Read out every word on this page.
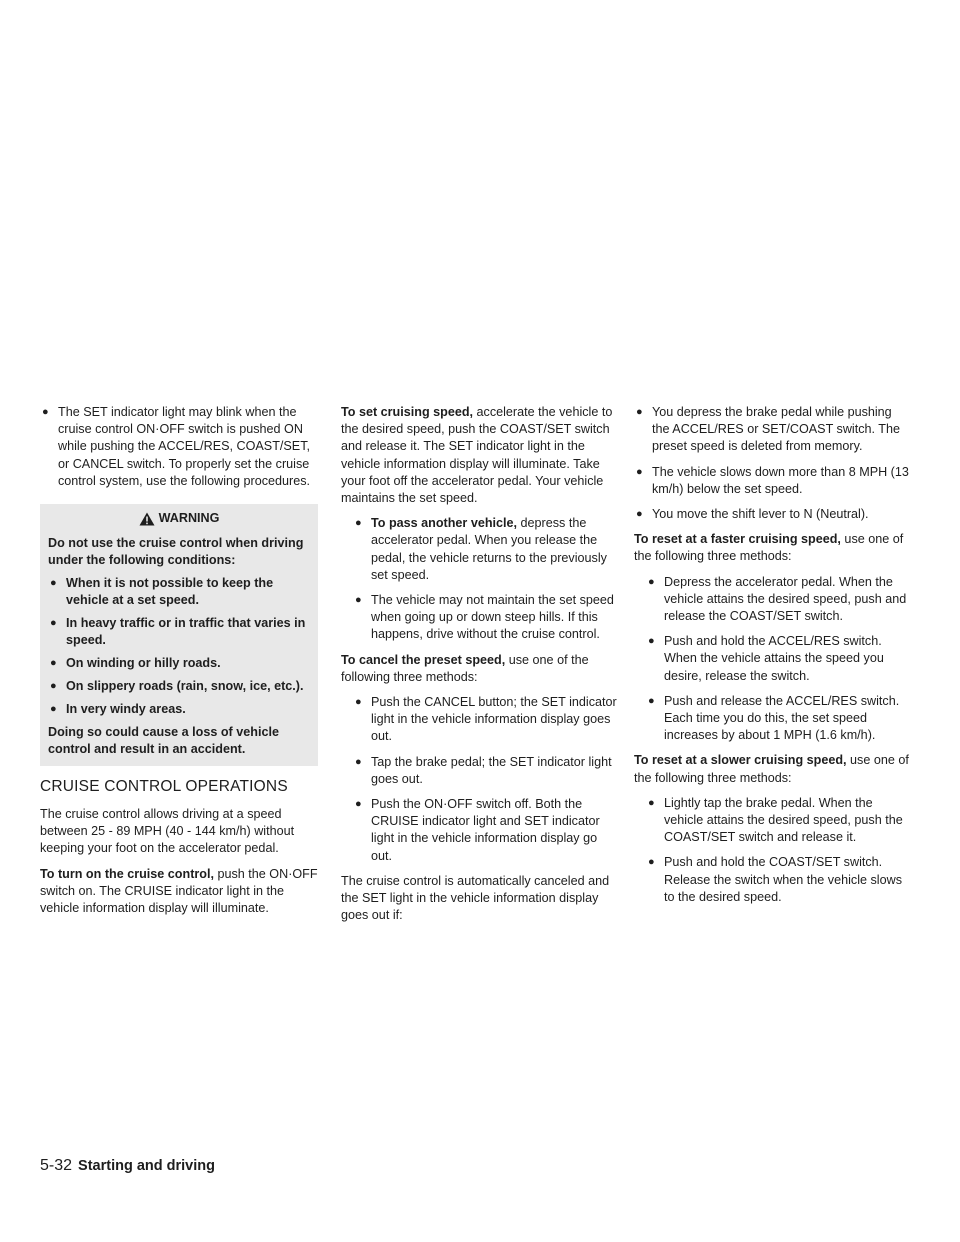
● The SET indicator light may blink when the cruise control ON·OFF switch is pushed ON while pushing the ACCEL/RES, COAST/SET, or CANCEL switch. To properly set the cruise control system, use the following procedures.
WARNING

Do not use the cruise control when driving under the following conditions:

● When it is not possible to keep the vehicle at a set speed.
● In heavy traffic or in traffic that varies in speed.
● On winding or hilly roads.
● On slippery roads (rain, snow, ice, etc.).
● In very windy areas.

Doing so could cause a loss of vehicle control and result in an accident.

CRUISE CONTROL OPERATIONS

The cruise control allows driving at a speed between 25 - 89 MPH (40 - 144 km/h) without keeping your foot on the accelerator pedal.

To turn on the cruise control, push the ON·OFF switch on. The CRUISE indicator light in the vehicle information display will illuminate.

To set cruising speed, accelerate the vehicle to the desired speed, push the COAST/SET switch and release it. The SET indicator light in the vehicle information display will illuminate. Take your foot off the accelerator pedal. Your vehicle maintains the set speed.

● To pass another vehicle, depress the accelerator pedal. When you release the pedal, the vehicle returns to the previously set speed.
● The vehicle may not maintain the set speed when going up or down steep hills. If this happens, drive without the cruise control.

To cancel the preset speed, use one of the following three methods:

● Push the CANCEL button; the SET indicator light in the vehicle information display goes out.
● Tap the brake pedal; the SET indicator light goes out.
● Push the ON·OFF switch off. Both the CRUISE indicator light and SET indicator light in the vehicle information display go out.

The cruise control is automatically canceled and the SET light in the vehicle information display goes out if:

● You depress the brake pedal while pushing the ACCEL/RES or SET/COAST switch. The preset speed is deleted from memory.
● The vehicle slows down more than 8 MPH (13 km/h) below the set speed.
● You move the shift lever to N (Neutral).

To reset at a faster cruising speed, use one of the following three methods:

● Depress the accelerator pedal. When the vehicle attains the desired speed, push and release the COAST/SET switch.
● Push and hold the ACCEL/RES switch. When the vehicle attains the speed you desire, release the switch.
● Push and release the ACCEL/RES switch. Each time you do this, the set speed increases by about 1 MPH (1.6 km/h).

To reset at a slower cruising speed, use one of the following three methods:

● Lightly tap the brake pedal. When the vehicle attains the desired speed, push the COAST/SET switch and release it.
● Push and hold the COAST/SET switch. Release the switch when the vehicle slows to the desired speed.
5-32 Starting and driving
